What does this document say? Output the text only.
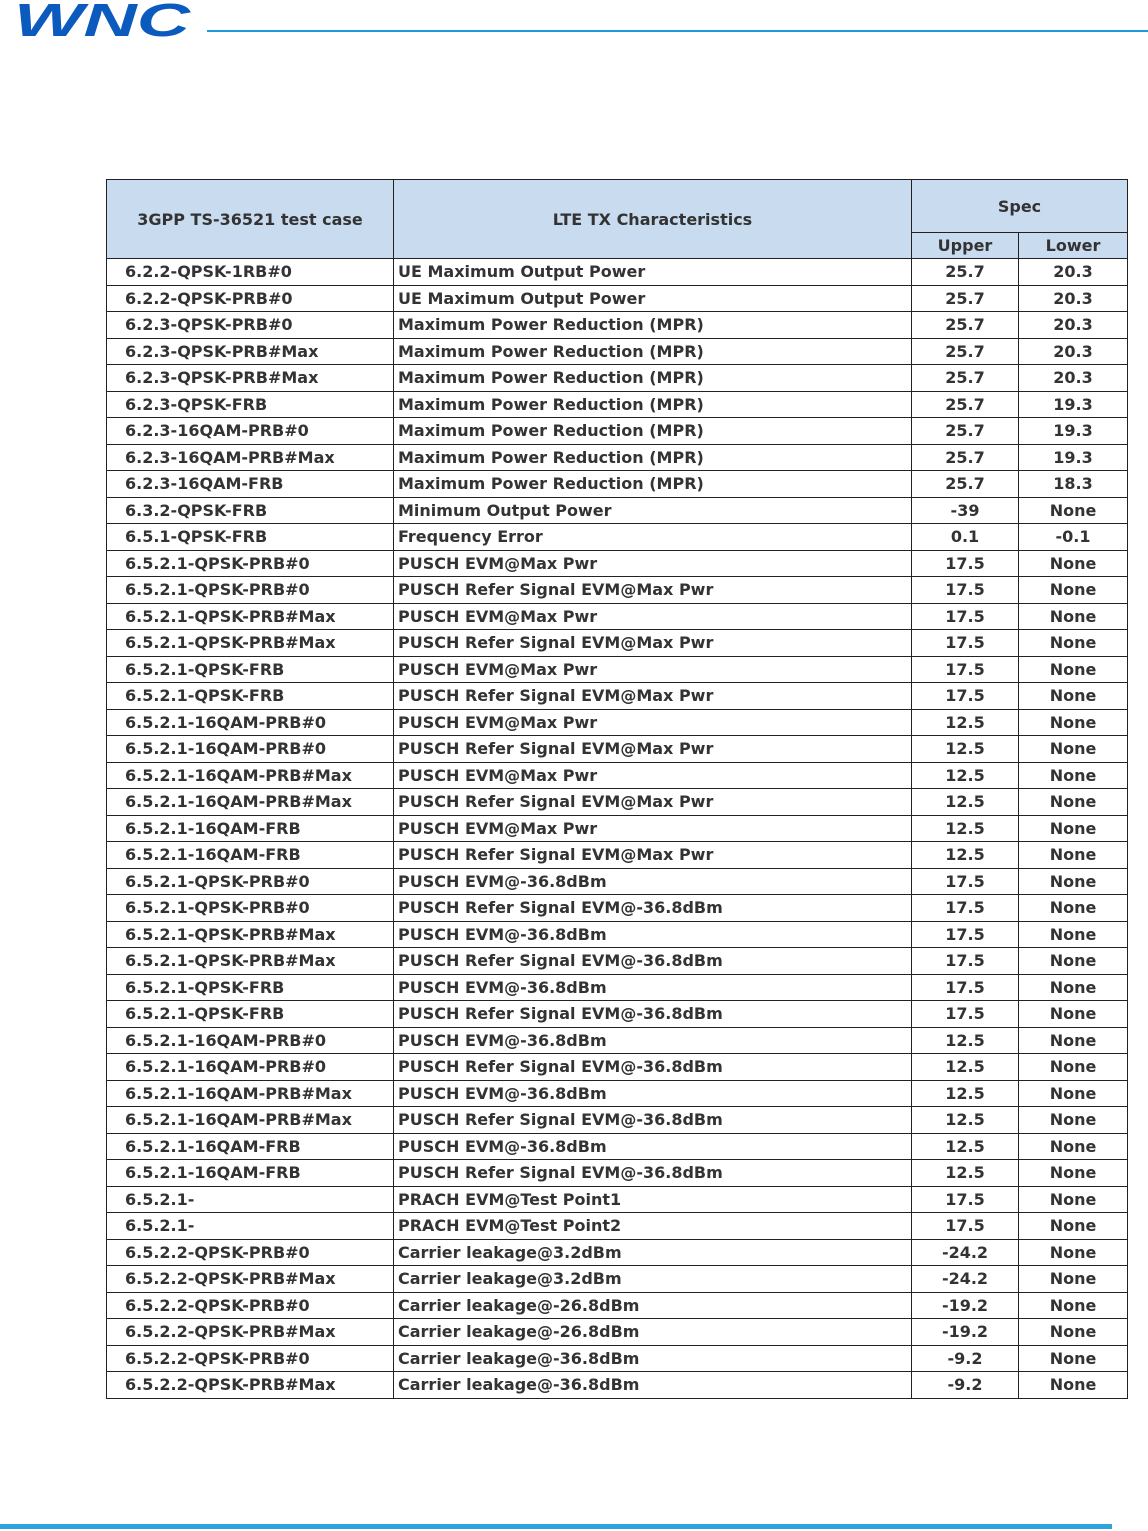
WNC
3GPP TS-36521 test case	LTE TX Characteristics	Spec	
		Upper	Lower
6.2.2-QPSK-1RB#0	UE Maximum Output Power	25.7	20.3
6.2.2-QPSK-PRB#0	UE Maximum Output Power	25.7	20.3
6.2.3-QPSK-PRB#0	Maximum Power Reduction (MPR)	25.7	20.3
6.2.3-QPSK-PRB#Max	Maximum Power Reduction (MPR)	25.7	20.3
6.2.3-QPSK-PRB#Max	Maximum Power Reduction (MPR)	25.7	20.3
6.2.3-QPSK-FRB	Maximum Power Reduction (MPR)	25.7	19.3
6.2.3-16QAM-PRB#0	Maximum Power Reduction (MPR)	25.7	19.3
6.2.3-16QAM-PRB#Max	Maximum Power Reduction (MPR)	25.7	19.3
6.2.3-16QAM-FRB	Maximum Power Reduction (MPR)	25.7	18.3
6.3.2-QPSK-FRB	Minimum Output Power	-39	None
6.5.1-QPSK-FRB	Frequency Error	0.1	-0.1
6.5.2.1-QPSK-PRB#0	PUSCH EVM@Max Pwr	17.5	None
6.5.2.1-QPSK-PRB#0	PUSCH Refer Signal EVM@Max Pwr	17.5	None
6.5.2.1-QPSK-PRB#Max	PUSCH EVM@Max Pwr	17.5	None
6.5.2.1-QPSK-PRB#Max	PUSCH Refer Signal EVM@Max Pwr	17.5	None
6.5.2.1-QPSK-FRB	PUSCH EVM@Max Pwr	17.5	None
6.5.2.1-QPSK-FRB	PUSCH Refer Signal EVM@Max Pwr	17.5	None
6.5.2.1-16QAM-PRB#0	PUSCH EVM@Max Pwr	12.5	None
6.5.2.1-16QAM-PRB#0	PUSCH Refer Signal EVM@Max Pwr	12.5	None
6.5.2.1-16QAM-PRB#Max	PUSCH EVM@Max Pwr	12.5	None
6.5.2.1-16QAM-PRB#Max	PUSCH Refer Signal EVM@Max Pwr	12.5	None
6.5.2.1-16QAM-FRB	PUSCH EVM@Max Pwr	12.5	None
6.5.2.1-16QAM-FRB	PUSCH Refer Signal EVM@Max Pwr	12.5	None
6.5.2.1-QPSK-PRB#0	PUSCH EVM@-36.8dBm	17.5	None
6.5.2.1-QPSK-PRB#0	PUSCH Refer Signal EVM@-36.8dBm	17.5	None
6.5.2.1-QPSK-PRB#Max	PUSCH EVM@-36.8dBm	17.5	None
6.5.2.1-QPSK-PRB#Max	PUSCH Refer Signal EVM@-36.8dBm	17.5	None
6.5.2.1-QPSK-FRB	PUSCH EVM@-36.8dBm	17.5	None
6.5.2.1-QPSK-FRB	PUSCH Refer Signal EVM@-36.8dBm	17.5	None
6.5.2.1-16QAM-PRB#0	PUSCH EVM@-36.8dBm	12.5	None
6.5.2.1-16QAM-PRB#0	PUSCH Refer Signal EVM@-36.8dBm	12.5	None
6.5.2.1-16QAM-PRB#Max	PUSCH EVM@-36.8dBm	12.5	None
6.5.2.1-16QAM-PRB#Max	PUSCH Refer Signal EVM@-36.8dBm	12.5	None
6.5.2.1-16QAM-FRB	PUSCH EVM@-36.8dBm	12.5	None
6.5.2.1-16QAM-FRB	PUSCH Refer Signal EVM@-36.8dBm	12.5	None
6.5.2.1-	PRACH EVM@Test Point1	17.5	None
6.5.2.1-	PRACH EVM@Test Point2	17.5	None
6.5.2.2-QPSK-PRB#0	Carrier leakage@3.2dBm	-24.2	None
6.5.2.2-QPSK-PRB#Max	Carrier leakage@3.2dBm	-24.2	None
6.5.2.2-QPSK-PRB#0	Carrier leakage@-26.8dBm	-19.2	None
6.5.2.2-QPSK-PRB#Max	Carrier leakage@-26.8dBm	-19.2	None
6.5.2.2-QPSK-PRB#0	Carrier leakage@-36.8dBm	-9.2	None
6.5.2.2-QPSK-PRB#Max	Carrier leakage@-36.8dBm	-9.2	None
